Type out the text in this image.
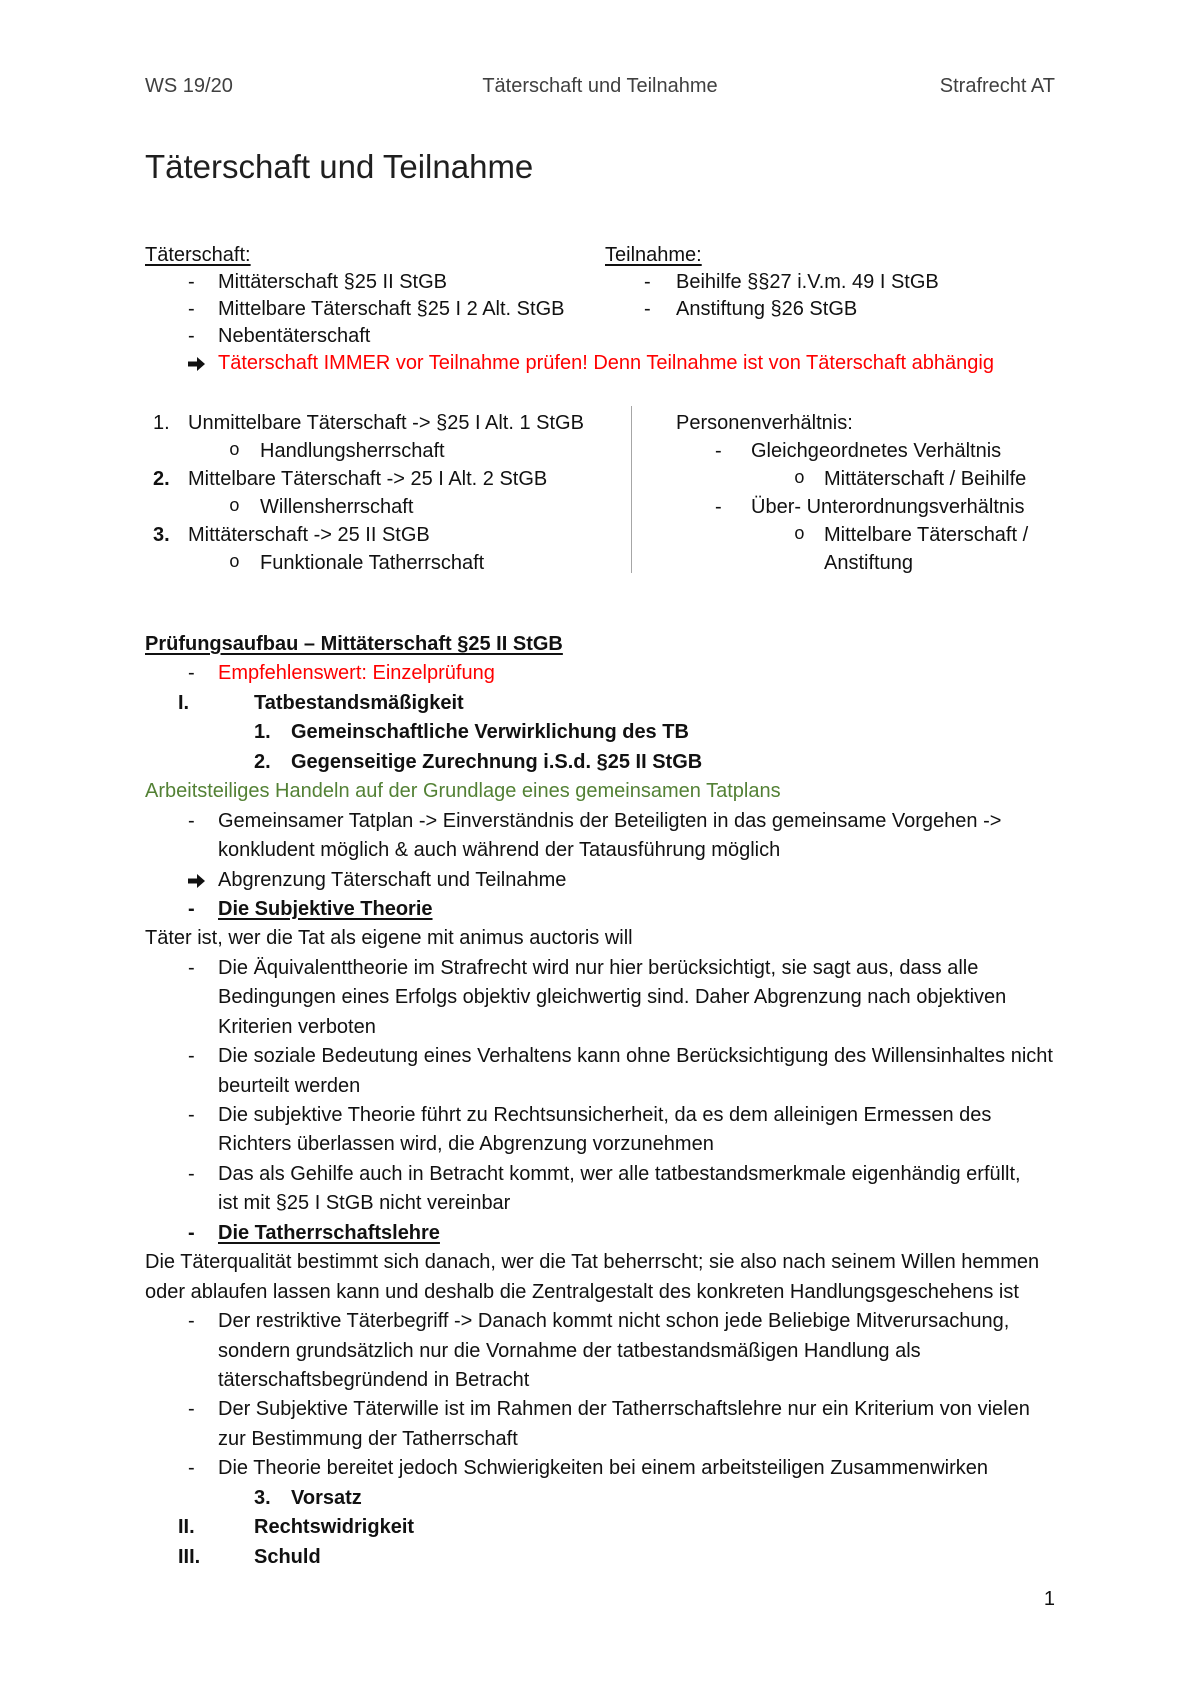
WS 19/20	Täterschaft und Teilnahme	Strafrecht AT
Täterschaft und Teilnahme
Täterschaft:	Teilnahme:
- Mittäterschaft §25 II StGB	- Beihilfe §§27 i.V.m. 49 I StGB
- Mittelbare Täterschaft §25 I 2 Alt. StGB	- Anstiftung §26 StGB
- Nebentäterschaft
Täterschaft IMMER vor Teilnahme prüfen! Denn Teilnahme ist von Täterschaft abhängig
1. Unmittelbare Täterschaft -> §25 I Alt. 1 StGB	Personenverhältnis:
o Handlungsherrschaft	- Gleichgeordnetes Verhältnis
2. Mittelbare Täterschaft -> 25 I Alt. 2 StGB	o Mittäterschaft / Beihilfe
o Willensherrschaft	- Über- Unterordnungsverhältnis
3. Mittäterschaft -> 25 II StGB	o Mittelbare Täterschaft /
o Funktionale Tatherrschaft	Anstiftung
Prüfungsaufbau – Mittäterschaft §25 II StGB
- Empfehlenswert: Einzelprüfung
I.	Tatbestandsmäßigkeit
1. Gemeinschaftliche Verwirklichung des TB
2. Gegenseitige Zurechnung i.S.d. §25 II StGB
Arbeitsteiliges Handeln auf der Grundlage eines gemeinsamen Tatplans
- Gemeinsamer Tatplan -> Einverständnis der Beteiligten in das gemeinsame Vorgehen ->
konkludent möglich & auch während der Tatausführung möglich
Abgrenzung Täterschaft und Teilnahme
- Die Subjektive Theorie
Täter ist, wer die Tat als eigene mit animus auctoris will
- Die Äquivalenttheorie im Strafrecht wird nur hier berücksichtigt, sie sagt aus, dass alle
Bedingungen eines Erfolgs objektiv gleichwertig sind. Daher Abgrenzung nach objektiven
Kriterien verboten
- Die soziale Bedeutung eines Verhaltens kann ohne Berücksichtigung des Willensinhaltes nicht
beurteilt werden
- Die subjektive Theorie führt zu Rechtsunsicherheit, da es dem alleinigen Ermessen des
Richters überlassen wird, die Abgrenzung vorzunehmen
- Das als Gehilfe auch in Betracht kommt, wer alle tatbestandsmerkmale eigenhändig erfüllt,
ist mit §25 I StGB nicht vereinbar
- Die Tatherrschaftslehre
Die Täterqualität bestimmt sich danach, wer die Tat beherrscht; sie also nach seinem Willen hemmen
oder ablaufen lassen kann und deshalb die Zentralgestalt des konkreten Handlungsgeschehens ist
- Der restriktive Täterbegriff -> Danach kommt nicht schon jede Beliebige Mitverursachung,
sondern grundsätzlich nur die Vornahme der tatbestandsmäßigen Handlung als
täterschaftsbegründend in Betracht
- Der Subjektive Täterwille ist im Rahmen der Tatherrschaftslehre nur ein Kriterium von vielen
zur Bestimmung der Tatherrschaft
- Die Theorie bereitet jedoch Schwierigkeiten bei einem arbeitsteiligen Zusammenwirken
3. Vorsatz
II.	Rechtswidrigkeit
III.	Schuld
1
